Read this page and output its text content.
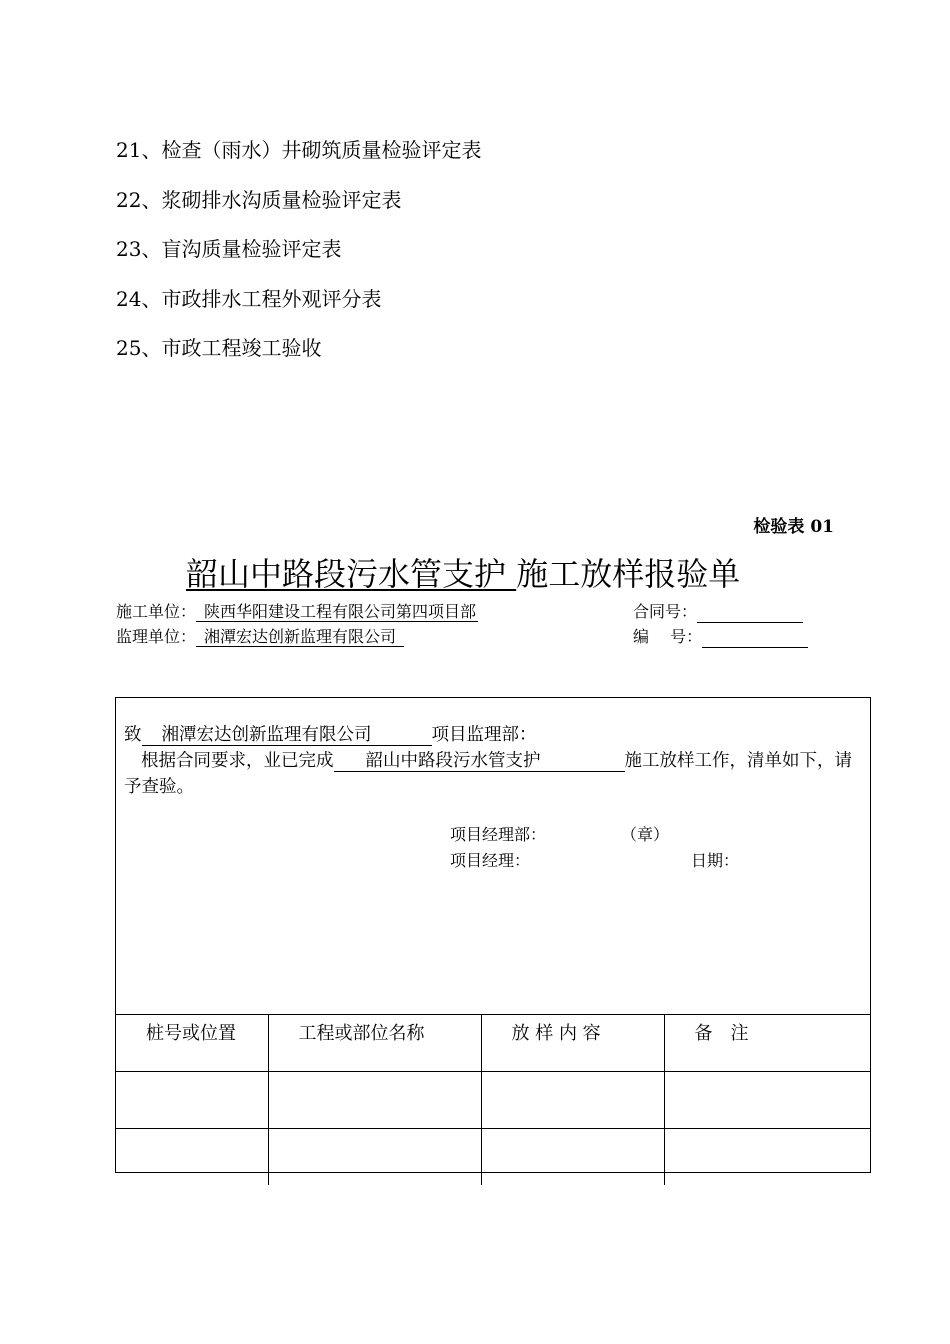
21、检查（雨水）井砌筑质量检验评定表
22、浆砌排水沟质量检验评定表
23、盲沟质量检验评定表
24、市政排水工程外观评分表
25、市政工程竣工验收
检验表 01
韶山中路段污水管支护 施工放样报验单
施工单位： 陕西华阳建设工程有限公司第四项目部	合同号：
监理单位： 湘潭宏达创新监理有限公司	编　 号：
致 湘潭宏达创新监理有限公司	项目监理部：
根据合同要求，业已完成 韶山中路段污水管支护	施工放样工作，清单如下，请予查验。
项目经理部：	（章）
项目经理：	日期：
桩号或位置	工程或部位名称	放 样 内 容	备　注
